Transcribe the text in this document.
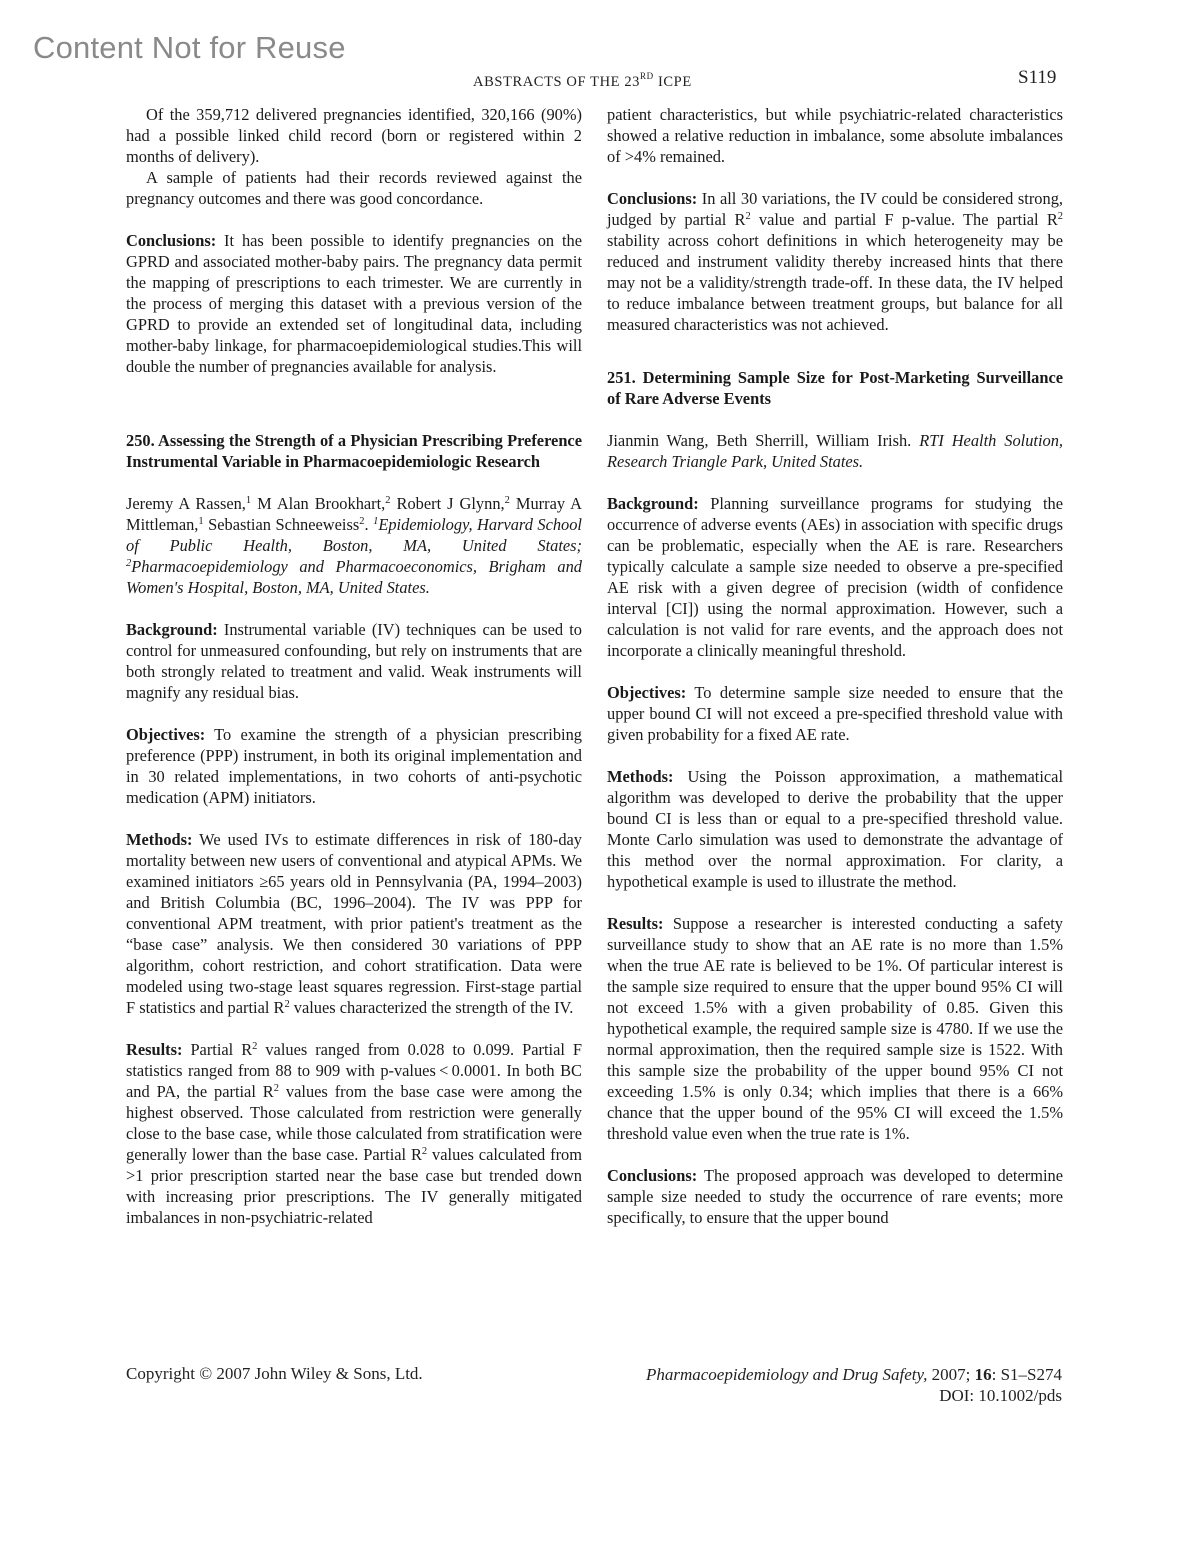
Content Not for Reuse
ABSTRACTS OF THE 23RD ICPE	S119

Of the 359,712 delivered pregnancies identified, 320,166 (90%) had a possible linked child record (born or registered within 2 months of delivery).

A sample of patients had their records reviewed against the pregnancy outcomes and there was good concordance.

Conclusions: It has been possible to identify pregnancies on the GPRD and associated mother-baby pairs. The pregnancy data permit the mapping of prescriptions to each trimester. We are currently in the process of merging this dataset with a previous version of the GPRD to provide an extended set of longitudinal data, including mother-baby linkage, for pharmacoepidemiological studies.This will double the number of pregnancies available for analysis.

250. Assessing the Strength of a Physician Prescribing Preference Instrumental Variable in Pharmacoepidemiologic Research

Jeremy A Rassen,$^1$ M Alan Brookhart,$^2$ Robert J Glynn,$^2$ Murray A Mittleman,$^1$ Sebastian Schneeweiss$^2$. $^1$Epidemiology, Harvard School of Public Health, Boston, MA, United States; $^2$Pharmacoepidemiology and Pharmacoeconomics, Brigham and Women's Hospital, Boston, MA, United States.

Background: Instrumental variable (IV) techniques can be used to control for unmeasured confounding, but rely on instruments that are both strongly related to treatment and valid. Weak instruments will magnify any residual bias.

Objectives: To examine the strength of a physician prescribing preference (PPP) instrument, in both its original implementation and in 30 related implementations, in two cohorts of anti-psychotic medication (APM) initiators.

Methods: We used IVs to estimate differences in risk of 180-day mortality between new users of conventional and atypical APMs. We examined initiators ≥65 years old in Pennsylvania (PA, 1994–2003) and British Columbia (BC, 1996–2004). The IV was PPP for conventional APM treatment, with prior patient's treatment as the “base case” analysis. We then considered 30 variations of PPP algorithm, cohort restriction, and cohort stratification. Data were modeled using two-stage least squares regression. First-stage partial F statistics and partial $R^2$ values characterized the strength of the IV.

Results: Partial $R^2$ values ranged from 0.028 to 0.099. Partial F statistics ranged from 88 to 909 with p-values < 0.0001. In both BC and PA, the partial $R^2$ values from the base case were among the highest observed. Those calculated from restriction were generally close to the base case, while those calculated from stratification were generally lower than the base case. Partial $R^2$ values calculated from >1 prior prescription started near the base case but trended down with increasing prior prescriptions. The IV generally mitigated imbalances in non-psychiatric-related

patient characteristics, but while psychiatric-related characteristics showed a relative reduction in imbalance, some absolute imbalances of >4% remained.

Conclusions: In all 30 variations, the IV could be considered strong, judged by partial $R^2$ value and partial F p-value. The partial $R^2$ stability across cohort definitions in which heterogeneity may be reduced and instrument validity thereby increased hints that there may not be a validity/strength trade-off. In these data, the IV helped to reduce imbalance between treatment groups, but balance for all measured characteristics was not achieved.

251. Determining Sample Size for Post-Marketing Surveillance of Rare Adverse Events

Jianmin Wang, Beth Sherrill, William Irish. RTI Health Solution, Research Triangle Park, United States.

Background: Planning surveillance programs for studying the occurrence of adverse events (AEs) in association with specific drugs can be problematic, especially when the AE is rare. Researchers typically calculate a sample size needed to observe a pre-specified AE risk with a given degree of precision (width of confidence interval [CI]) using the normal approximation. However, such a calculation is not valid for rare events, and the approach does not incorporate a clinically meaningful threshold.

Objectives: To determine sample size needed to ensure that the upper bound CI will not exceed a pre-specified threshold value with given probability for a fixed AE rate.

Methods: Using the Poisson approximation, a mathematical algorithm was developed to derive the probability that the upper bound CI is less than or equal to a pre-specified threshold value. Monte Carlo simulation was used to demonstrate the advantage of this method over the normal approximation. For clarity, a hypothetical example is used to illustrate the method.

Results: Suppose a researcher is interested conducting a safety surveillance study to show that an AE rate is no more than 1.5% when the true AE rate is believed to be 1%. Of particular interest is the sample size required to ensure that the upper bound 95% CI will not exceed 1.5% with a given probability of 0.85. Given this hypothetical example, the required sample size is 4780. If we use the normal approximation, then the required sample size is 1522. With this sample size the probability of the upper bound 95% CI not exceeding 1.5% is only 0.34; which implies that there is a 66% chance that the upper bound of the 95% CI will exceed the 1.5% threshold value even when the true rate is 1%.

Conclusions: The proposed approach was developed to determine sample size needed to study the occurrence of rare events; more specifically, to ensure that the upper bound

Copyright © 2007 John Wiley & Sons, Ltd.	Pharmacoepidemiology and Drug Safety, 2007; 16: S1–S274
DOI: 10.1002/pds
